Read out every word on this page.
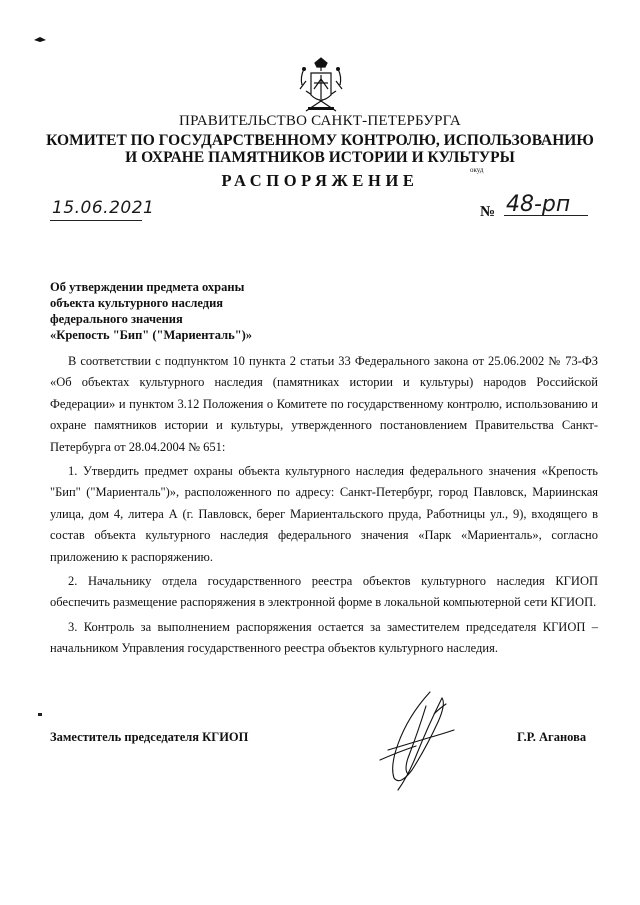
ПРАВИТЕЛЬСТВО САНКТ-ПЕТЕРБУРГА
КОМИТЕТ ПО ГОСУДАРСТВЕННОМУ КОНТРОЛЮ, ИСПОЛЬЗОВАНИЮ
И ОХРАНЕ ПАМЯТНИКОВ ИСТОРИИ И КУЛЬТУРЫ
РАСПОРЯЖЕНИЕ
окуд
15.06.2021	№ 48-рп
Об утверждении предмета охраны
объекта культурного наследия
федерального значения
«Крепость "Бип" ("Мариенталь")»

В соответствии с подпунктом 10 пункта 2 статьи 33 Федерального закона от 25.06.2002 № 73-ФЗ «Об объектах культурного наследия (памятниках истории и культуры) народов Российской Федерации» и пунктом 3.12 Положения о Комитете по государственному контролю, использованию и охране памятников истории и культуры, утвержденного постановлением Правительства Санкт-Петербурга от 28.04.2004 № 651:

1. Утвердить предмет охраны объекта культурного наследия федерального значения «Крепость "Бип" ("Мариенталь")», расположенного по адресу: Санкт-Петербург, город Павловск, Мариинская улица, дом 4, литера А (г. Павловск, берег Мариентальского пруда, Работницы ул., 9), входящего в состав объекта культурного наследия федерального значения «Парк «Мариенталь», согласно приложению к распоряжению.

2. Начальнику отдела государственного реестра объектов культурного наследия КГИОП обеспечить размещение распоряжения в электронной форме в локальной компьютерной сети КГИОП.

3. Контроль за выполнением распоряжения остается за заместителем председателя КГИОП – начальником Управления государственного реестра объектов культурного наследия.

Заместитель председателя КГИОП	Г.Р. Аганова
